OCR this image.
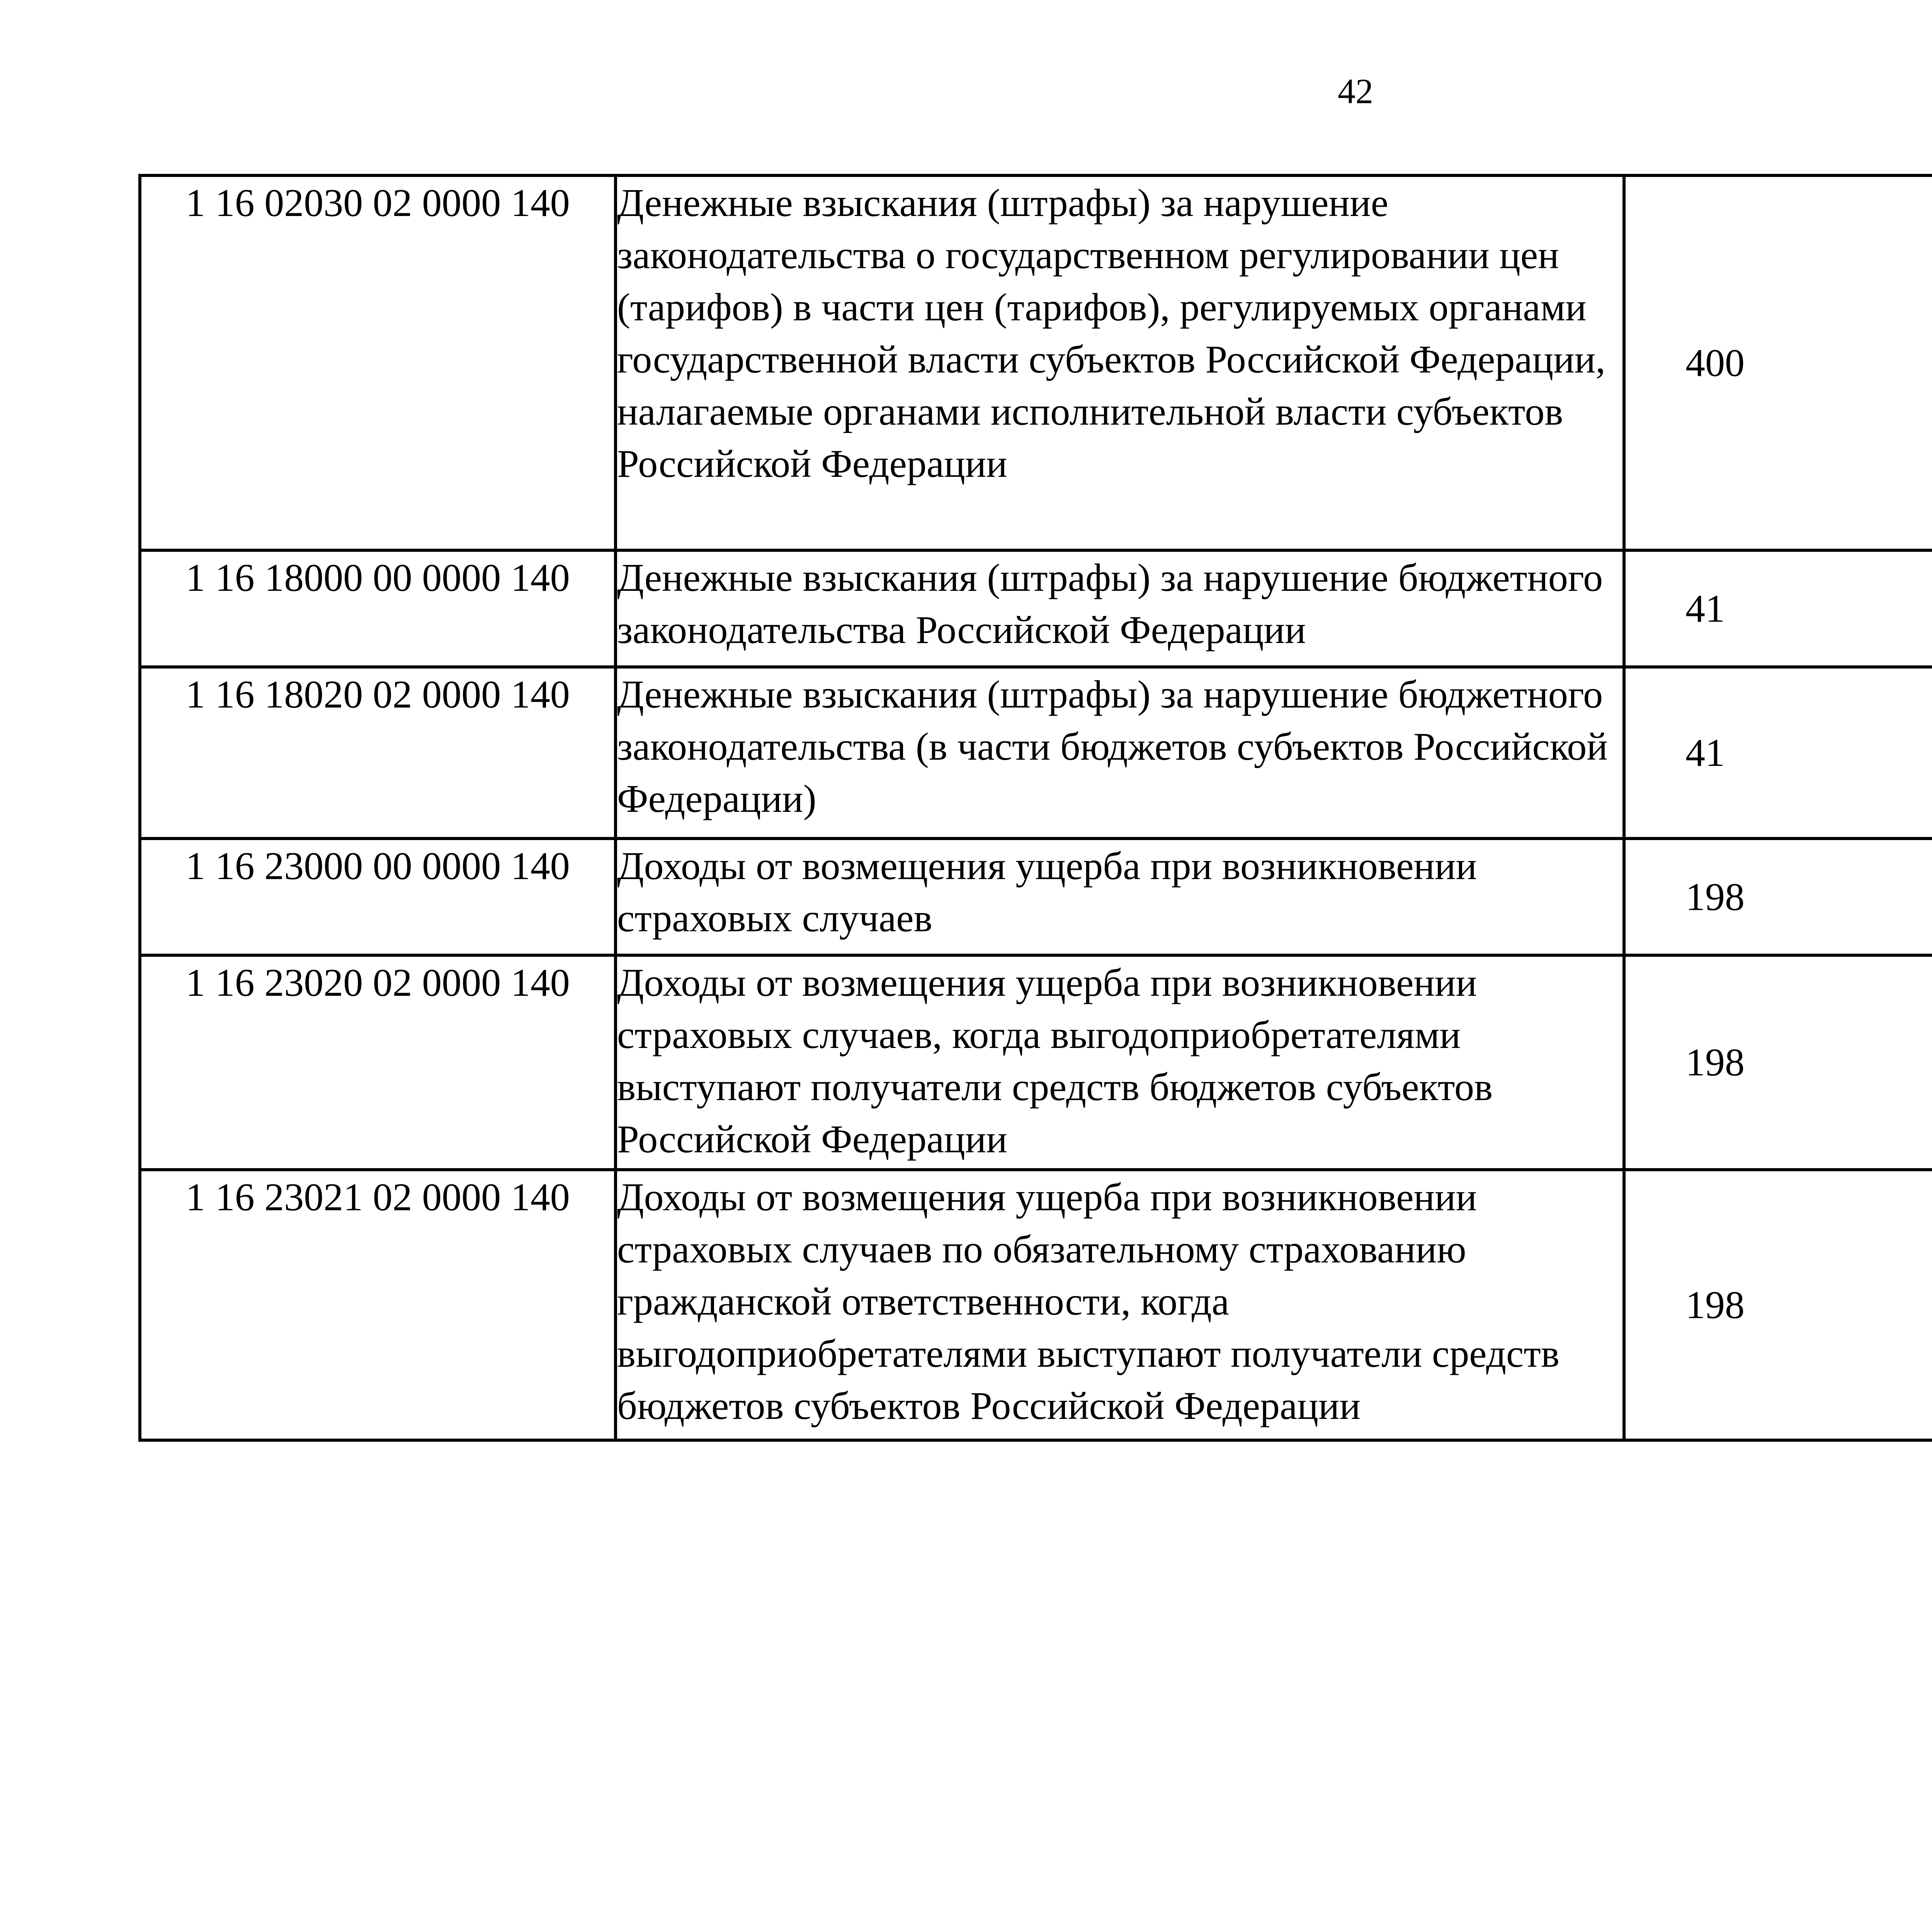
42
1 16 02030 02 0000 140	Денежные взыскания (штрафы) за нарушение законодательства о государственном регулировании цен (тарифов) в части цен (тарифов), регулируемых органами государственной власти субъектов Российской Федерации, налагаемые органами исполнительной власти субъектов Российской Федерации	400		
1 16 18000 00 0000 140	Денежные взыскания (штрафы) за нарушение бюджетного законодательства Российской Федерации	41		
1 16 18020 02 0000 140	Денежные взыскания (штрафы) за нарушение бюджетного законодательства (в части бюджетов субъектов Российской Федерации)	41		
1 16 23000 00 0000 140	Доходы от возмещения ущерба при возникновении страховых случаев	198		
1 16 23020 02 0000 140	Доходы от возмещения ущерба при возникновении страховых случаев, когда выгодоприобретателями выступают получатели средств бюджетов субъектов Российской Федерации	198		
1 16 23021 02 0000 140	Доходы от возмещения ущерба при возникновении страховых случаев по обязательному страхованию гражданской ответственности, когда выгодоприобретателями выступают получатели средств бюджетов субъектов Российской Федерации	198		
